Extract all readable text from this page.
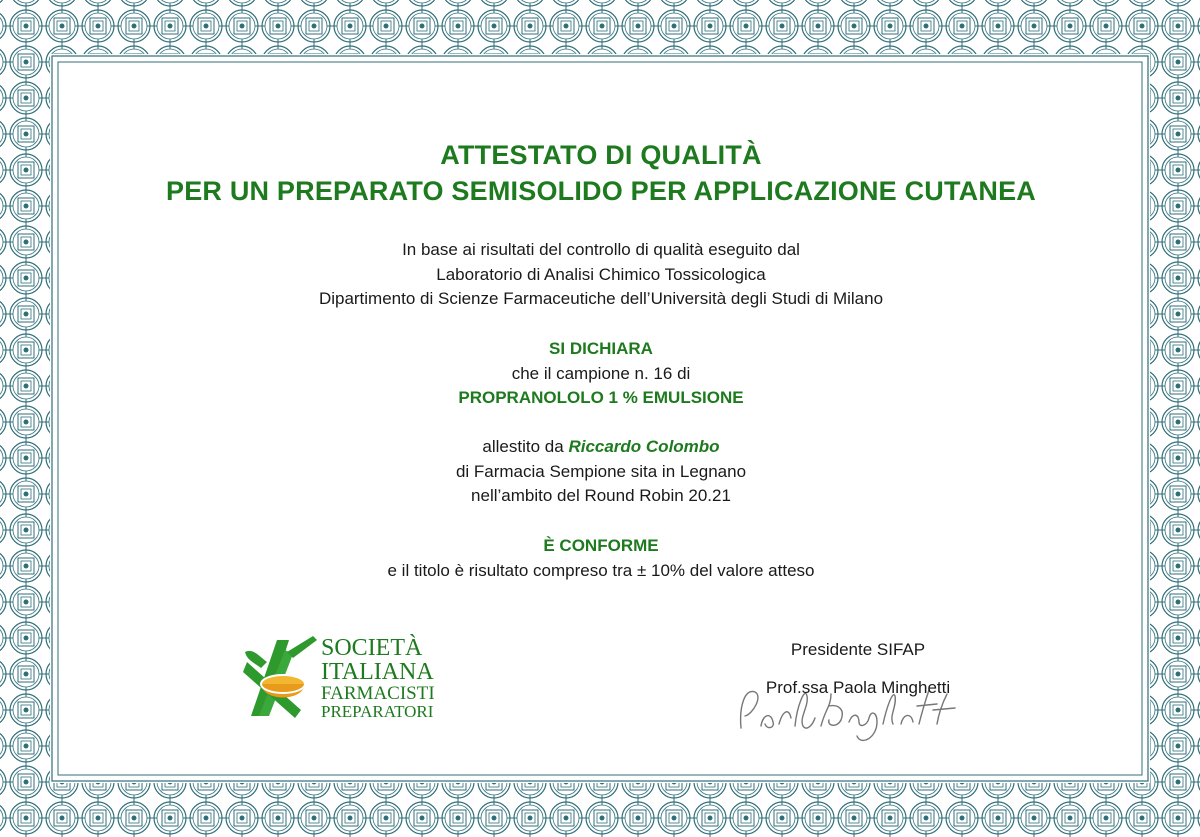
ATTESTATO DI QUALITÀ
PER UN PREPARATO SEMISOLIDO PER APPLICAZIONE CUTANEA
In base ai risultati del controllo di qualità eseguito dal
Laboratorio di Analisi Chimico Tossicologica
Dipartimento di Scienze Farmaceutiche dell’Università degli Studi di Milano
SI DICHIARA
che il campione n. 16 di
PROPRANOLOLO 1 % EMULSIONE
allestito da Riccardo Colombo
di Farmacia Sempione sita in Legnano
nell’ambito del Round Robin 20.21
È CONFORME
e il titolo è risultato compreso tra ± 10% del valore atteso
SOCIETÀ
ITALIANA
FARMACISTI
PREPARATORI
Presidente SIFAP
Prof.ssa Paola Minghetti
